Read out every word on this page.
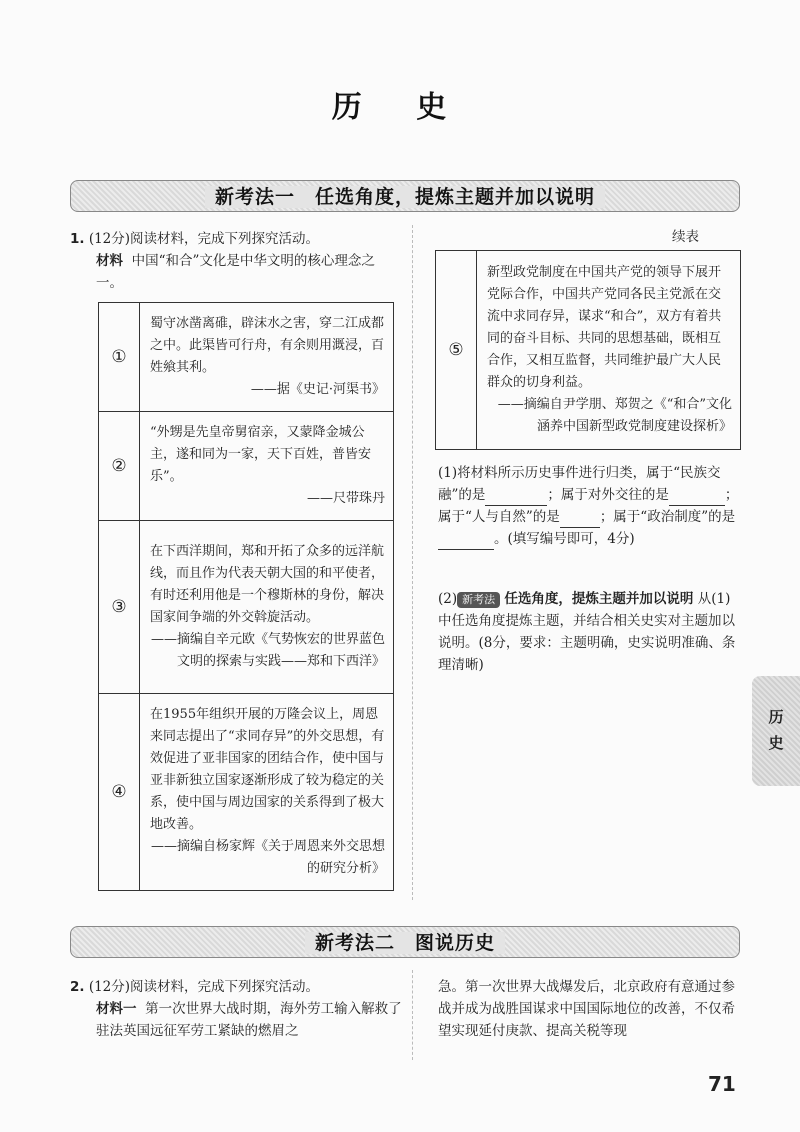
历 史
新考法一　任选角度，提炼主题并加以说明
1. (12分)阅读材料，完成下列探究活动。
材料 中国“和合”文化是中华文明的核心理念之一。
①	蜀守冰凿离碓，辟沫水之害，穿二江成都之中。此渠皆可行舟，有余则用溉浸，百姓飨其利。
——据《史记·河渠书》

②	“外甥是先皇帝舅宿亲，又蒙降金城公主，遂和同为一家，天下百姓，普皆安乐”。
——尺带珠丹

③	在下西洋期间，郑和开拓了众多的远洋航线，而且作为代表天朝大国的和平使者，有时还利用他是一个穆斯林的身份，解决国家间争端的外交斡旋活动。
——摘编自辛元欧《气势恢宏的世界蓝色文明的探索与实践——郑和下西洋》

④	在1955年组织开展的万隆会议上，周恩来同志提出了“求同存异”的外交思想，有效促进了亚非国家的团结合作，使中国与亚非新独立国家逐渐形成了较为稳定的关系，使中国与周边国家的关系得到了极大地改善。
——摘编自杨家辉《关于周恩来外交思想的研究分析》
续表
⑤	
新型政党制度在中国共产党的领导下展开党际合作，中国共产党同各民主党派在交流中求同存异，谋求“和合”，双方有着共同的奋斗目标、共同的思想基础，既相互合作，又相互监督，共同维护最广大人民群众的切身利益。
——摘编自尹学朋、郑贺之《“和合”文化涵养中国新型政党制度建设探析》
(1)将材料所示历史事件进行归类，属于“民族交融”的是	；属于对外交往的是	；属于“人与自然”的是	；属于“政治制度”的是。(填写编号即可，4分)
(2) 新考法 任选角度，提炼主题并加以说明 从(1)中任选角度提炼主题，并结合相关史实对主题加以说明。(8分，要求：主题明确，史实说明准确、条理清晰)
新考法二　图说历史
2. (12分)阅读材料，完成下列探究活动。
材料一 第一次世界大战时期，海外劳工输入解救了驻法英国远征军劳工紧缺的燃眉之
急。第一次世界大战爆发后，北京政府有意通过参战并成为战胜国谋求中国国际地位的改善，不仅希望实现延付庚款、提高关税等现
历
史
71
